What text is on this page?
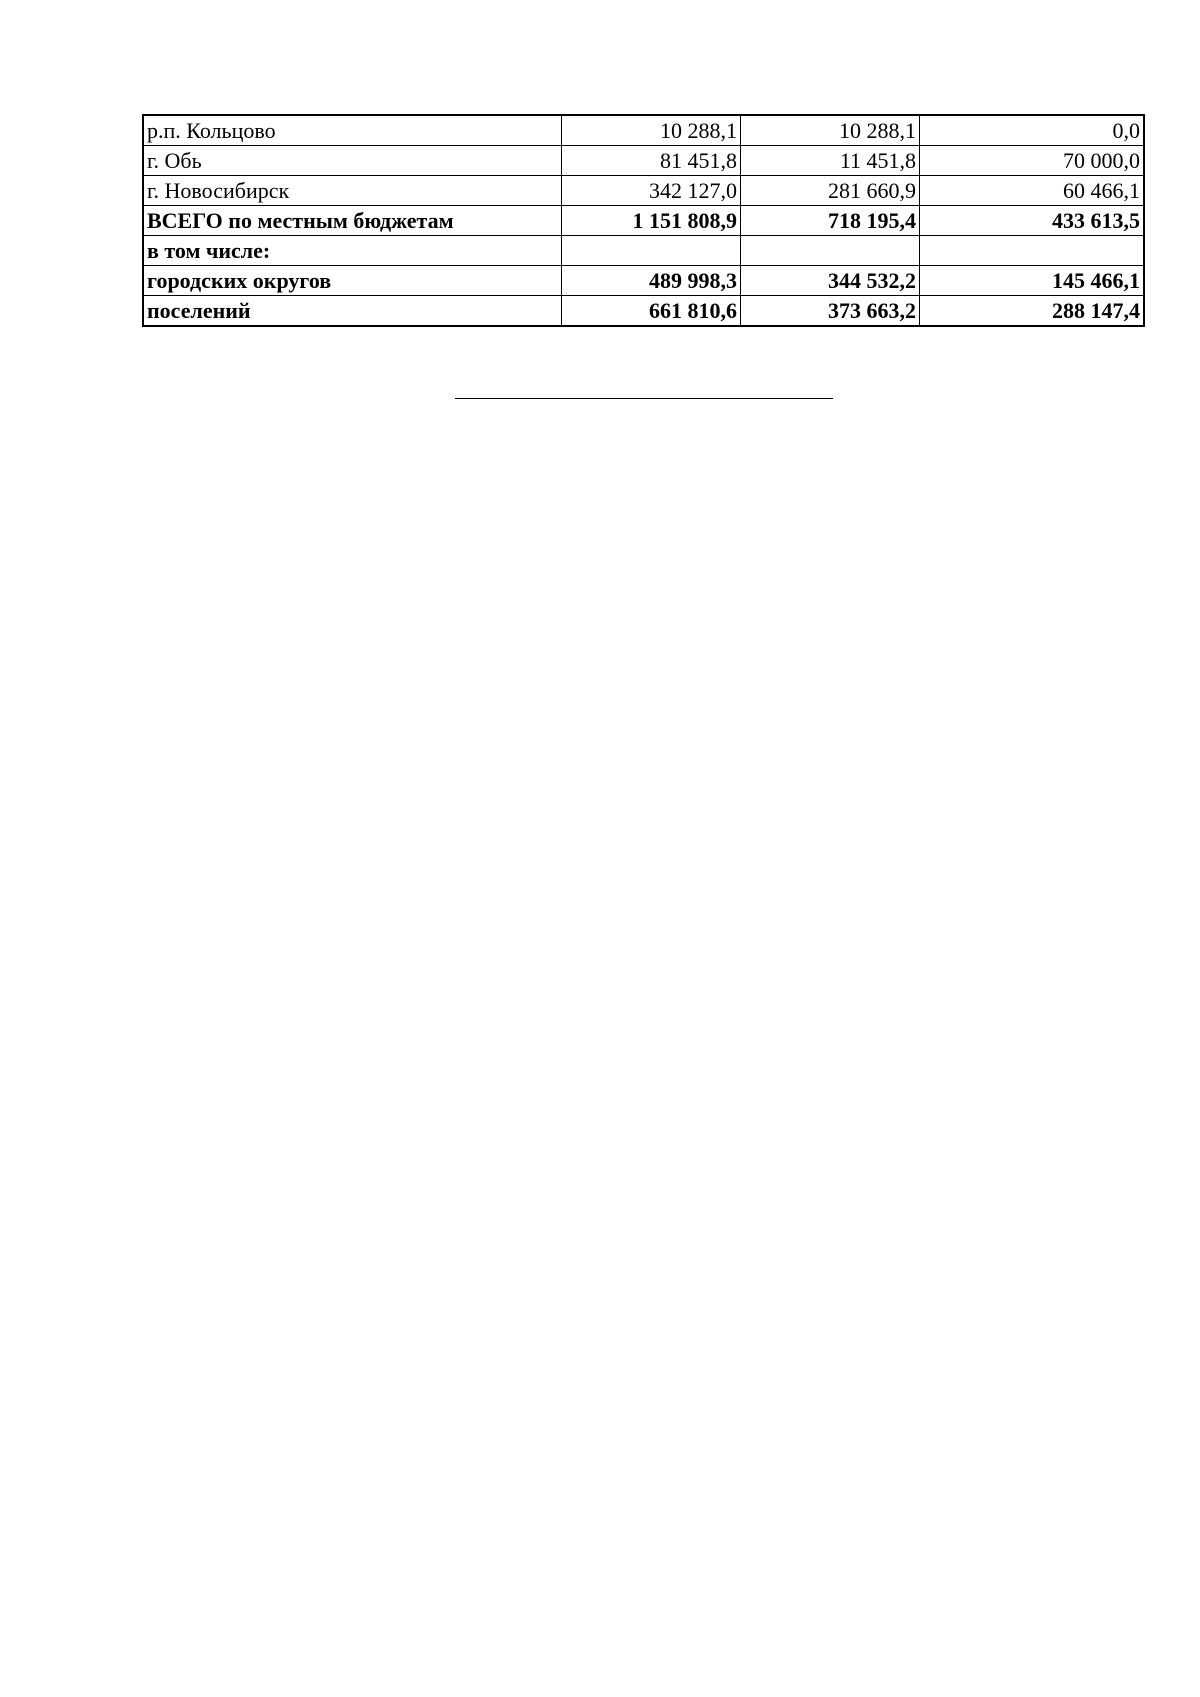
р.п. Кольцово	10 288,1	10 288,1	0,0
г. Обь	81 451,8	11 451,8	70 000,0
г. Новосибирск	342 127,0	281 660,9	60 466,1
ВСЕГО по местным бюджетам	1 151 808,9	718 195,4	433 613,5
в том числе:			
городских округов	489 998,3	344 532,2	145 466,1
поселений	661 810,6	373 663,2	288 147,4
